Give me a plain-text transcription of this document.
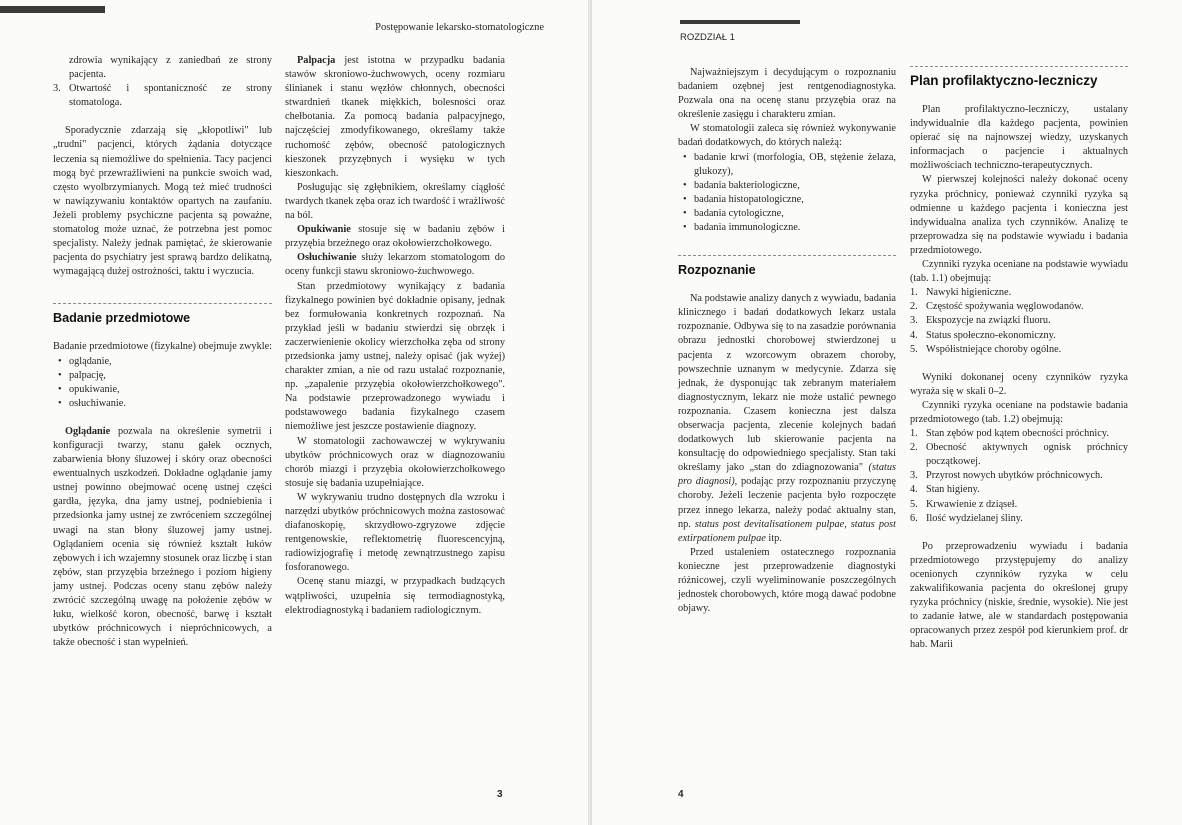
Postępowanie lekarsko-stomatologiczne

zdrowia wynikający z zaniedbań ze strony pacjenta.

3. Otwartość i spontaniczność ze strony stomatologa.

Sporadycznie zdarzają się „kłopotliwi" lub „trudni" pacjenci, których żądania dotyczące leczenia są niemożliwe do spełnienia. Tacy pacjenci mogą być przewrażliwieni na punkcie swoich wad, często wyolbrzymianych. Mogą też mieć trudności w nawiązywaniu kontaktów opartych na zaufaniu. Jeżeli problemy psychiczne pacjenta są poważne, stomatolog może uznać, że potrzebna jest pomoc specjalisty. Należy jednak pamiętać, że skierowanie pacjenta do psychiatry jest sprawą bardzo delikatną, wymagającą dużej ostrożności, taktu i wyczucia.

Badanie przedmiotowe

Badanie przedmiotowe (fizykalne) obejmuje zwykle:

• oglądanie,
• palpację,
• opukiwanie,
• osłuchiwanie.

Oglądanie pozwala na określenie symetrii i konfiguracji twarzy, stanu gałek ocznych, zabarwienia błony śluzowej i skóry oraz obecności ewentualnych uszkodzeń. Dokładne oglądanie jamy ustnej powinno obejmować ocenę ustnej części gardła, języka, dna jamy ustnej, podniebienia i przedsionka jamy ustnej ze zwróceniem szczególnej uwagi na stan błony śluzowej jamy ustnej. Oglądaniem ocenia się również kształt łuków zębowych i ich wzajemny stosunek oraz liczbę i stan zębów, stan przyzębia brzeżnego i poziom higieny jamy ustnej. Podczas oceny stanu zębów należy zwrócić szczególną uwagę na położenie zębów w łuku, wielkość koron, obecność, barwę i kształt ubytków próchnicowych i niepróchnicowych, a także obecność i stan wypełnień.

Palpacja jest istotna w przypadku badania stawów skroniowo-żuchwowych, oceny rozmiaru ślinianek i stanu węzłów chłonnych, obecności stwardnień tkanek miękkich, bolesności oraz chełbotania. Za pomocą badania palpacyjnego, najczęściej zmodyfikowanego, określamy także ruchomość zębów, obecność patologicznych kieszonek przyzębnych i wysięku w tych kieszonkach.

Posługując się zgłębnikiem, określamy ciągłość twardych tkanek zęba oraz ich twardość i wrażliwość na ból.

Opukiwanie stosuje się w badaniu zębów i przyzębia brzeżnego oraz okołowierzchołkowego.

Osłuchiwanie służy lekarzom stomatologom do oceny funkcji stawu skroniowo-żuchwowego.

Stan przedmiotowy wynikający z badania fizykalnego powinien być dokładnie opisany, jednak bez formułowania konkretnych rozpoznań. Na przykład jeśli w badaniu stwierdzi się obrzęk i zaczerwienienie okolicy wierzchołka zęba od strony przedsionka jamy ustnej, należy opisać (jak wyżej) charakter zmian, a nie od razu ustalać rozpoznanie, np. „zapalenie przyzębia okołowierzchołkowego". Na podstawie przeprowadzonego wywiadu i podstawowego badania fizykalnego czasem niemożliwe jest jeszcze postawienie diagnozy.

W stomatologii zachowawczej w wykrywaniu ubytków próchnicowych oraz w diagnozowaniu chorób miazgi i przyzębia okołowierzchołkowego stosuje się badania uzupełniające.

W wykrywaniu trudno dostępnych dla wzroku i narzędzi ubytków próchnicowych można zastosować diafanoskopię, skrzydłowo-zgryzowe zdjęcie rentgenowskie, reflektometrię fluorescencyjną, radiowizjografię i metodę zewnątrzustnego zapisu fosforanowego.

Ocenę stanu miazgi, w przypadkach budzących wątpliwości, uzupełnia się termodiagnostyką, elektrodiagnostyką i badaniem radiologicznym.

3
ROZDZIAŁ 1

Najważniejszym i decydującym o rozpoznaniu badaniem ozębnej jest rentgenodiagnostyka. Pozwala ona na ocenę stanu przyzębia oraz na określenie zasięgu i charakteru zmian.

W stomatologii zaleca się również wykonywanie badań dodatkowych, do których należą:

• badanie krwi (morfologia, OB, stężenie żelaza, glukozy),
• badania bakteriologiczne,
• badania histopatologiczne,
• badania cytologiczne,
• badania immunologiczne.
Rozpoznanie

Na podstawie analizy danych z wywiadu, badania klinicznego i badań dodatkowych lekarz ustala rozpoznanie. Odbywa się to na zasadzie porównania obrazu jednostki chorobowej stwierdzonej u pacjenta z wzorcowym obrazem choroby, powszechnie uznanym w medycynie. Zdarza się jednak, że dysponując tak zebranym materiałem diagnostycznym, lekarz nie może ustalić pewnego rozpoznania. Czasem konieczna jest dalsza obserwacja pacjenta, zlecenie kolejnych badań dodatkowych lub skierowanie pacjenta na konsultację do odpowiedniego specjalisty. Stan taki określamy jako „stan do zdiagnozowania" (status pro diagnosi), podając przy rozpoznaniu przyczynę choroby. Jeżeli leczenie pacjenta było rozpoczęte przez innego lekarza, należy podać aktualny stan, np. status post devitalisationem pulpae, status post extirpationem pulpae itp.

Przed ustaleniem ostatecznego rozpoznania konieczne jest przeprowadzenie diagnostyki różnicowej, czyli wyeliminowanie poszczególnych jednostek chorobowych, które mogą dawać podobne objawy.

Plan profilaktyczno-leczniczy

Plan profilaktyczno-leczniczy, ustalany indywidualnie dla każdego pacjenta, powinien opierać się na najnowszej wiedzy, uzyskanych informacjach o pacjencie i aktualnych możliwościach techniczno-terapeutycznych.

W pierwszej kolejności należy dokonać oceny ryzyka próchnicy, ponieważ czynniki ryzyka są odmienne u każdego pacjenta i konieczna jest indywidualna analiza tych czynników. Analizę te przeprowadza się na podstawie wywiadu i badania przedmiotowego.

Czynniki ryzyka oceniane na podstawie wywiadu (tab. 1.1) obejmują:

1. Nawyki higieniczne.
2. Częstość spożywania węglowodanów.
3. Ekspozycje na związki fluoru.
4. Status społeczno-ekonomiczny.
5. Współistniejące choroby ogólne.

Wyniki dokonanej oceny czynników ryzyka wyraża się w skali 0–2.

Czynniki ryzyka oceniane na podstawie badania przedmiotowego (tab. 1.2) obejmują:

1. Stan zębów pod kątem obecności próchnicy.
2. Obecność aktywnych ognisk próchnicy początkowej.
3. Przyrost nowych ubytków próchnicowych.
4. Stan higieny.
5. Krwawienie z dziąseł.
6. Ilość wydzielanej śliny.

Po przeprowadzeniu wywiadu i badania przedmiotowego przystępujemy do analizy ocenionych czynników ryzyka w celu zakwalifikowania pacjenta do określonej grupy ryzyka próchnicy (niskie, średnie, wysokie). Nie jest to zadanie łatwe, ale w standardach postępowania opracowanych przez zespół pod kierunkiem prof. dr hab. Marii

4
